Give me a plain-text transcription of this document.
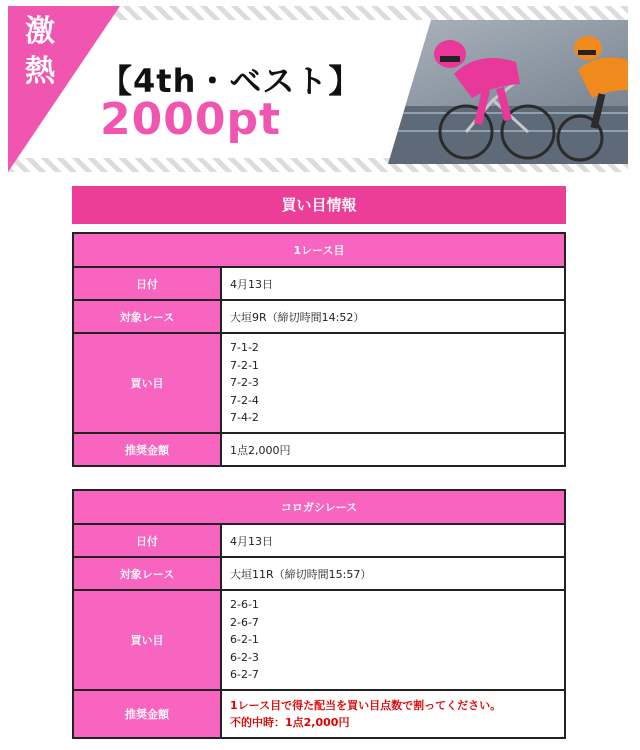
激
熱 【4th・ベスト】
2000pt
買い目情報
1レース目	
日付	4月13日
対象レース	大垣9R（締切時間14:52）
買い目	7-1-2
7-2-1
7-2-3
7-2-4
7-4-2

推奨金額	1点2,000円
コロガシレース	
日付	4月13日
対象レース	大垣11R（締切時間15:57）
買い目	2-6-1
2-6-7
6-2-1
6-2-3
6-2-7

推奨金額	1レース目で得た配当を買い目点数で割ってください。
不的中時：1点2,000円
